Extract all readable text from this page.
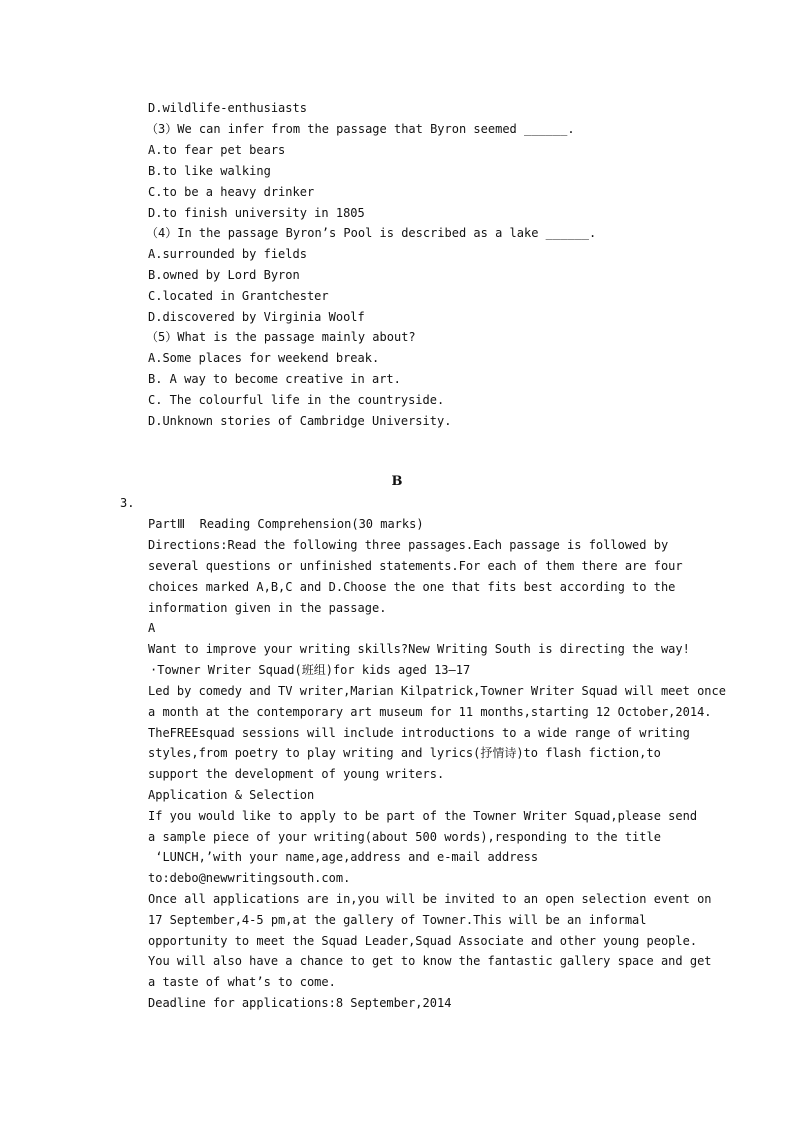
D.wildlife-enthusiasts
（3）We can infer from the passage that Byron seemed ______.
A.to fear pet bears
B.to like walking
C.to be a heavy drinker
D.to finish university in 1805
（4）In the passage Byron’s Pool is described as a lake ______.
A.surrounded by fields
B.owned by Lord Byron
C.located in Grantchester
D.discovered by Virginia Woolf
（5）What is the passage mainly about?
A.Some places for weekend break.
B. A way to become creative in art.
C. The colourful life in the countryside.
D.Unknown stories of Cambridge University.
B
3.
PartⅢ  Reading Comprehension(30 marks)
Directions:Read the following three passages.Each passage is followed by
several questions or unfinished statements.For each of them there are four
choices marked A,B,C and D.Choose the one that fits best according to the
information given in the passage.
A
Want to improve your writing skills?New Writing South is directing the way!
·Towner Writer Squad(班组)for kids aged 13—17
Led by comedy and TV writer,Marian Kilpatrick,Towner Writer Squad will meet once
a month at the contemporary art museum for 11 months,starting 12 October,2014.
TheFREEsquad sessions will include introductions to a wide range of writing
styles,from poetry to play writing and lyrics(抒情诗)to flash fiction,to
support the development of young writers.
Application & Selection
If you would like to apply to be part of the Towner Writer Squad,please send
a sample piece of your writing(about 500 words),responding to the title
‘LUNCH,’with your name,age,address and e-mail address
to:debo@newwritingsouth.com.
Once all applications are in,you will be invited to an open selection event on
17 September,4-5 pm,at the gallery of Towner.This will be an informal
opportunity to meet the Squad Leader,Squad Associate and other young people.
You will also have a chance to get to know the fantastic gallery space and get
a taste of what’s to come.
Deadline for applications:8 September,2014
